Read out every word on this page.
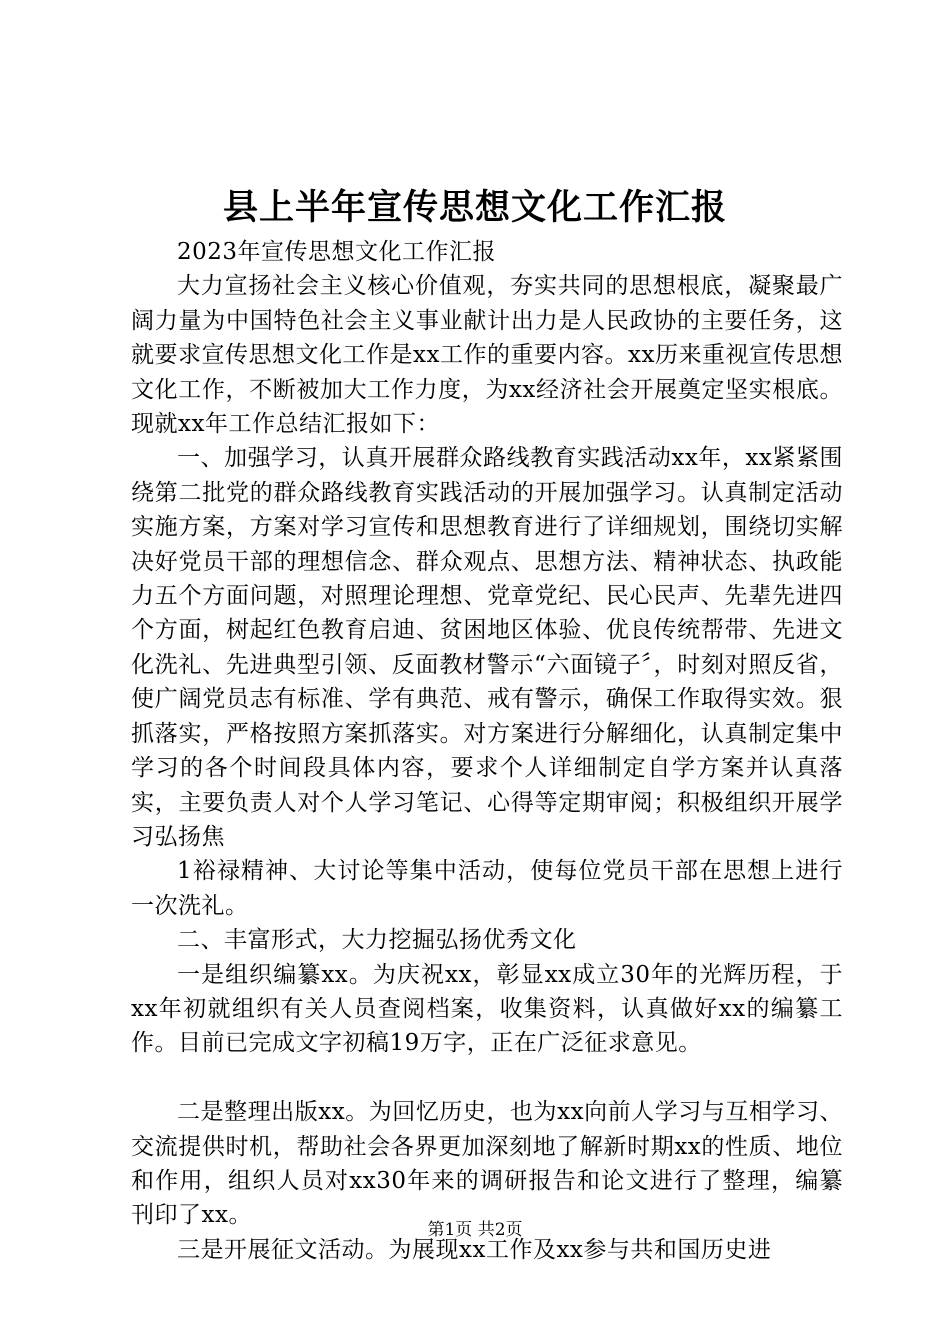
县上半年宣传思想文化工作汇报

2023年宣传思想文化工作汇报

大力宣扬社会主义核心价值观，夯实共同的思想根底，凝聚最广阔力量为中国特色社会主义事业献计出力是人民政协的主要任务，这就要求宣传思想文化工作是xx工作的重要内容。xx历来重视宣传思想文化工作，不断被加大工作力度，为xx经济社会开展奠定坚实根底。现就xx年工作总结汇报如下：

一、加强学习，认真开展群众路线教育实践活动xx年，xx紧紧围绕第二批党的群众路线教育实践活动的开展加强学习。认真制定活动实施方案，方案对学习宣传和思想教育进行了详细规划，围绕切实解决好党员干部的理想信念、群众观点、思想方法、精神状态、执政能力五个方面问题，对照理论理想、党章党纪、民心民声、先辈先进四个方面，树起红色教育启迪、贫困地区体验、优良传统帮带、先进文化洗礼、先进典型引领、反面教材警示“六面镜子〞，时刻对照反省，使广阔党员志有标准、学有典范、戒有警示，确保工作取得实效。狠抓落实，严格按照方案抓落实。对方案进行分解细化，认真制定集中学习的各个时间段具体内容，要求个人详细制定自学方案并认真落实，主要负责人对个人学习笔记、心得等定期审阅；积极组织开展学习弘扬焦

1裕禄精神、大讨论等集中活动，使每位党员干部在思想上进行一次洗礼。

二、丰富形式，大力挖掘弘扬优秀文化

一是组织编纂xx。为庆祝xx，彰显xx成立30年的光辉历程，于xx年初就组织有关人员查阅档案，收集资料，认真做好xx的编纂工作。目前已完成文字初稿19万字，正在广泛征求意见。

二是整理出版xx。为回忆历史，也为xx向前人学习与互相学习、交流提供时机，帮助社会各界更加深刻地了解新时期xx的性质、地位和作用，组织人员对xx30年来的调研报告和论文进行了整理，编纂刊印了xx。

三是开展征文活动。为展现xx工作及xx参与共和国历史进

第1页 共2页
